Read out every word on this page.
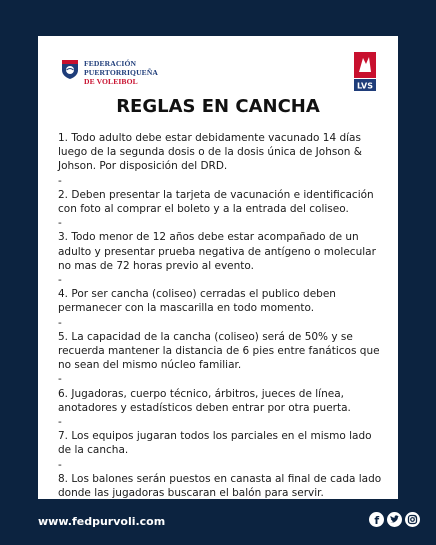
FEDERACIÓN
PUERTORRIQUEÑA
DE VOLEIBOL	LVS
REGLAS EN CANCHA

1. Todo adulto debe estar debidamente vacunado 14 días luego de la segunda dosis o de la dosis única de Johson & Johson. Por disposición del DRD.

-

2. Deben presentar la tarjeta de vacunación e identificación con foto al comprar el boleto y a la entrada del coliseo.

-

3. Todo menor de 12 años debe estar acompañado de un adulto y presentar prueba negativa de antígeno o molecular no mas de 72 horas previo al evento.

-

4. Por ser cancha (coliseo) cerradas el publico deben permanecer con la mascarilla en todo momento.

-

5. La capacidad de la cancha (coliseo) será de 50% y se recuerda mantener la distancia de 6 pies entre fanáticos que no sean del mismo núcleo familiar.

-

6. Jugadoras, cuerpo técnico, árbitros, jueces de línea, anotadores y estadísticos deben entrar por otra puerta.

-

7. Los equipos jugaran todos los parciales en el mismo lado de la cancha.

-

8. Los balones serán puestos en canasta al final de cada lado donde las jugadoras buscaran el balón para servir.

www.fedpurvoli.com	f
